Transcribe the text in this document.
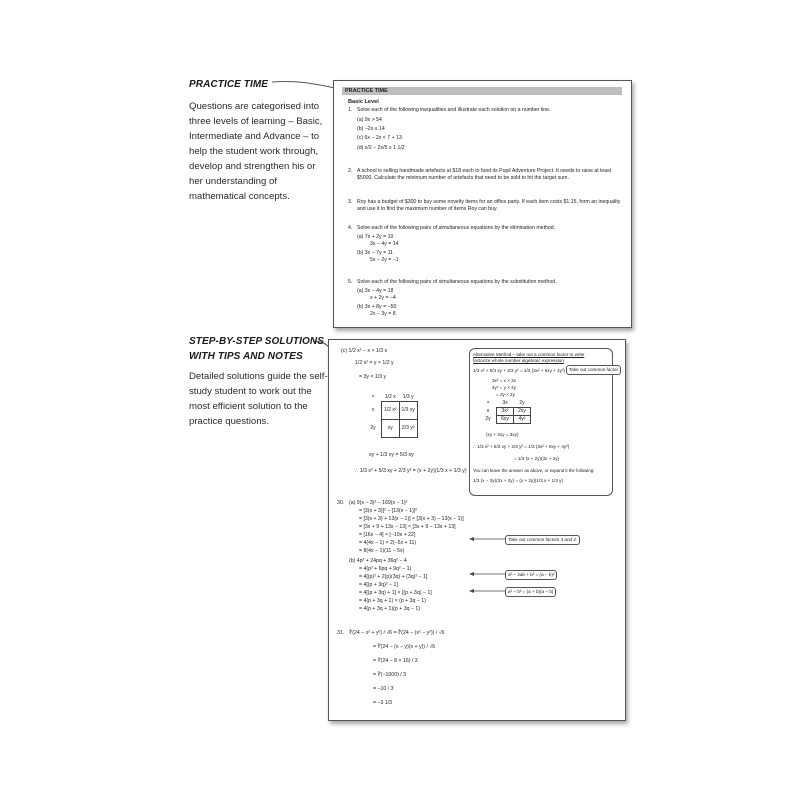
PRACTICE TIME

Questions are categorised into three levels of learning – Basic, Intermediate and Advance – to help the student work through, develop and strengthen his or her understanding of mathematical concepts.

STEP-BY-STEP SOLUTIONS

WITH TIPS AND NOTES

Detailed solutions guide the self-study student to work out the most efficient solution to the practice questions.

PRACTICE TIME
Basic Level
1. Solve each of the following inequalities and illustrate each solution on a number line.
(a) 9x > 54
(b) −2x ≤ 14
(c) 6x − 2x < 7 + 13
(d) x/2 − 2x/5 ≥ 1 1/2
2. A school is selling handmade artefacts at $18 each to fund its Pupil Adventure Project. It needs to raise at least $5000. Calculate the minimum number of artefacts that need to be sold to hit the target sum.
3. Roy has a budget of $300 to buy some novelty items for an office party. If each item costs $1.15, form an inequality and use it to find the maximum number of items Roy can buy.
4. Solve each of the following pairs of simultaneous equations by the elimination method.
(a) 7x + 2y = 10
3x − 4y = 14
(b) 3x − 7y = 11
5x − 2y = −1
5. Solve each of the following pairs of simultaneous equations by the substitution method.
(a) 3x − 4y = 18
x + 2y = −4
(b) 3x + 8y = −50
2x − 3y = 8
(c) 1/2 x² − x × 1/3 x
1/2 x² = y × 1/2 y
= 3y × 1/3 y
×	1/2 x	1/3 y
x	1/2 x²	1/3 xy
2y	xy	2/3 y²
xy + 1/3 xy = 5/3 xy
∴ 1/3 x² + 5/3 xy + 2/3 y² = (x + 2y)(1/3 x + 1/3 y)
Alternative Method – take out a common factor to write factorize whole number algebraic expression
1/3 x² + 5/3 xy + 2/3 y² = 1/3 (3x² + 5xy + 4y²) Take out common factor
3x² = x × 3x
4y² = y × 4y
= 2y × 2y
×	3x	2y
x	3x²	2xy
2y	6xy	4y²
(xy + 2xy = 3xy)
∴ 1/3 x² + 5/3 xy + 2/3 y² = 1/3 (3x² + 8xy + 4y²)
= 1/3 (x + 2y)(3x + 2y)
You can leave the answer as above, or expand it the following:
1/3 (x − 2y)(3x + 2y) = (x + 2y)(1/3 x + 1/3 y)
30. (a) 9(x − 3)² − 169(x − 1)²
= [3(x + 3)]² − [13(x − 1)]²
= [3(x + 3) + 13(x − 1)] × [3(x + 3) − 13(x − 1)]
= [3x + 9 + 13x − 13] × [3x + 9 − 13x + 13]
= [16x − 4] × [−10x + 22]
= 4(4x − 1) × 2(−5x + 11)
= 8(4x − 1)(11 − 5x)
(b) 4p² + 24pq + 36q² − 4
= 4(p² + 6pq + 9q² − 1)
= 4[(p)² + 2(p)(3q) + (3q)² − 1]
= 4[(p + 3q)² − 1]
= 4[(p + 3q) + 1] × [(p + 3q) − 1]
= 4(p + 3q + 1) × (p + 3q − 1)
= 4(p + 3q + 1)(p + 3q − 1)
Take out common factors 4 and 2.
a² − 2ab + b² = (a − b)²
a² − b² = (a + b)(a − b)
31. ∛(24 − x² + y²) / √6 = ∛(24 − (x² − y²)) / √6
= ∛(24 − (x − y)(x + y)) / √6
= ∛(24 − 8 × 16) / 3
= ∛(−1000) / 3
= −10 / 3
= −3 1/3
